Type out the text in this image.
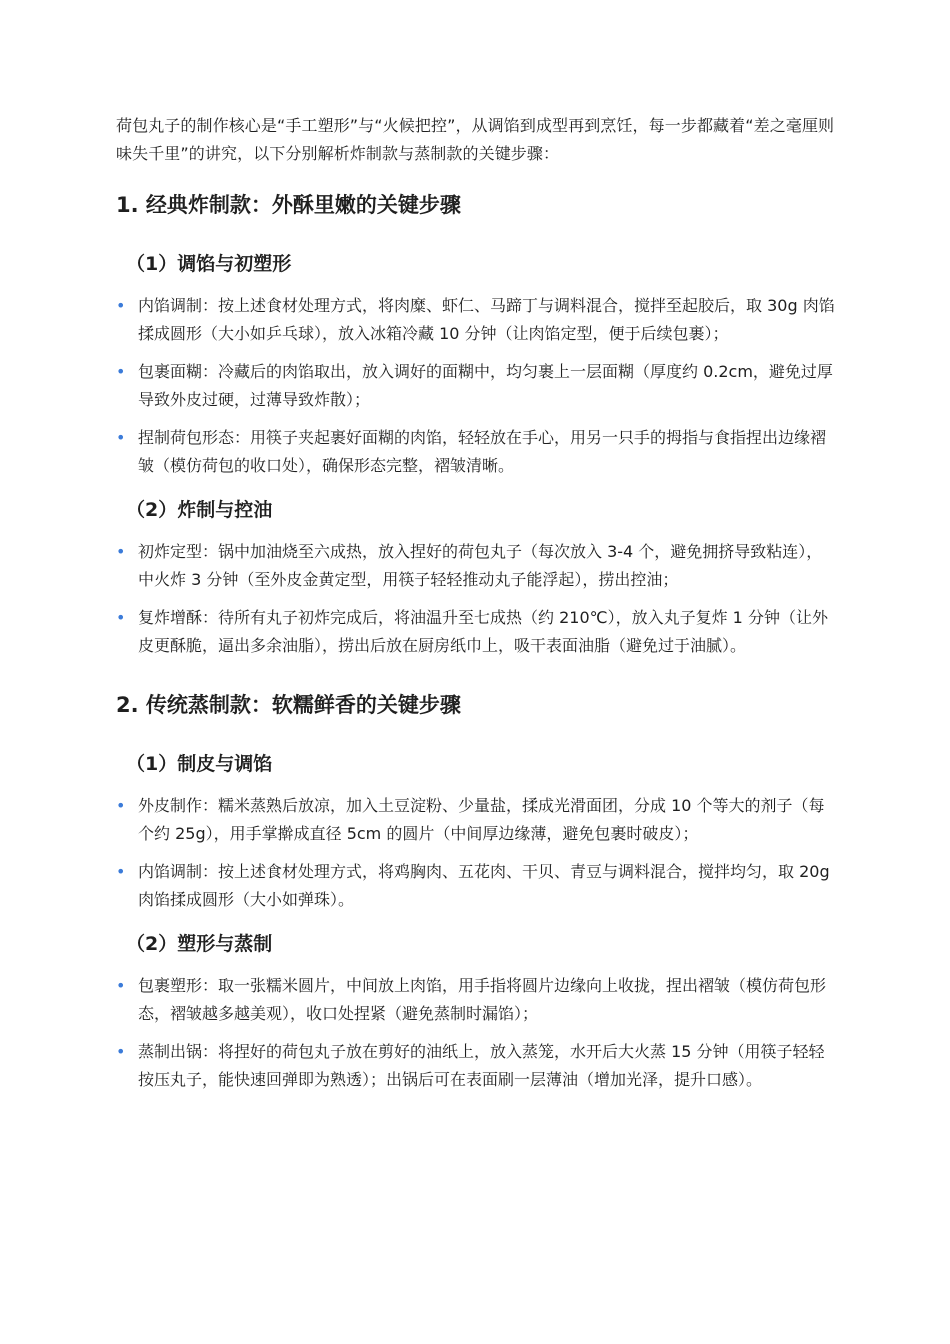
荷包丸子的制作核心是“手工塑形”与“火候把控”，从调馅到成型再到烹饪，每一步都藏着“差之毫厘则味失千里”的讲究，以下分别解析炸制款与蒸制款的关键步骤：

1. 经典炸制款：外酥里嫩的关键步骤
（1）调馅与初塑形
• 内馅调制：按上述食材处理方式，将肉糜、虾仁、马蹄丁与调料混合，搅拌至起胶后，取 30g 肉馅揉成圆形（大小如乒乓球），放入冰箱冷藏 10 分钟（让肉馅定型，便于后续包裹）；
• 包裹面糊：冷藏后的肉馅取出，放入调好的面糊中，均匀裹上一层面糊（厚度约 0.2cm，避免过厚导致外皮过硬，过薄导致炸散）；
• 捏制荷包形态：用筷子夹起裹好面糊的肉馅，轻轻放在手心，用另一只手的拇指与食指捏出边缘褶皱（模仿荷包的收口处），确保形态完整，褶皱清晰。
（2）炸制与控油
• 初炸定型：锅中加油烧至六成热，放入捏好的荷包丸子（每次放入 3-4 个，避免拥挤导致粘连），中火炸 3 分钟（至外皮金黄定型，用筷子轻轻推动丸子能浮起），捞出控油；
• 复炸增酥：待所有丸子初炸完成后，将油温升至七成热（约 210℃），放入丸子复炸 1 分钟（让外皮更酥脆，逼出多余油脂），捞出后放在厨房纸巾上，吸干表面油脂（避免过于油腻）。
2. 传统蒸制款：软糯鲜香的关键步骤
（1）制皮与调馅
• 外皮制作：糯米蒸熟后放凉，加入土豆淀粉、少量盐，揉成光滑面团，分成 10 个等大的剂子（每个约 25g），用手掌擀成直径 5cm 的圆片（中间厚边缘薄，避免包裹时破皮）；
• 内馅调制：按上述食材处理方式，将鸡胸肉、五花肉、干贝、青豆与调料混合，搅拌均匀，取 20g 肉馅揉成圆形（大小如弹珠）。
（2）塑形与蒸制
• 包裹塑形：取一张糯米圆片，中间放上肉馅，用手指将圆片边缘向上收拢，捏出褶皱（模仿荷包形态，褶皱越多越美观），收口处捏紧（避免蒸制时漏馅）；
• 蒸制出锅：将捏好的荷包丸子放在剪好的油纸上，放入蒸笼，水开后大火蒸 15 分钟（用筷子轻轻按压丸子，能快速回弹即为熟透）；出锅后可在表面刷一层薄油（增加光泽，提升口感）。
